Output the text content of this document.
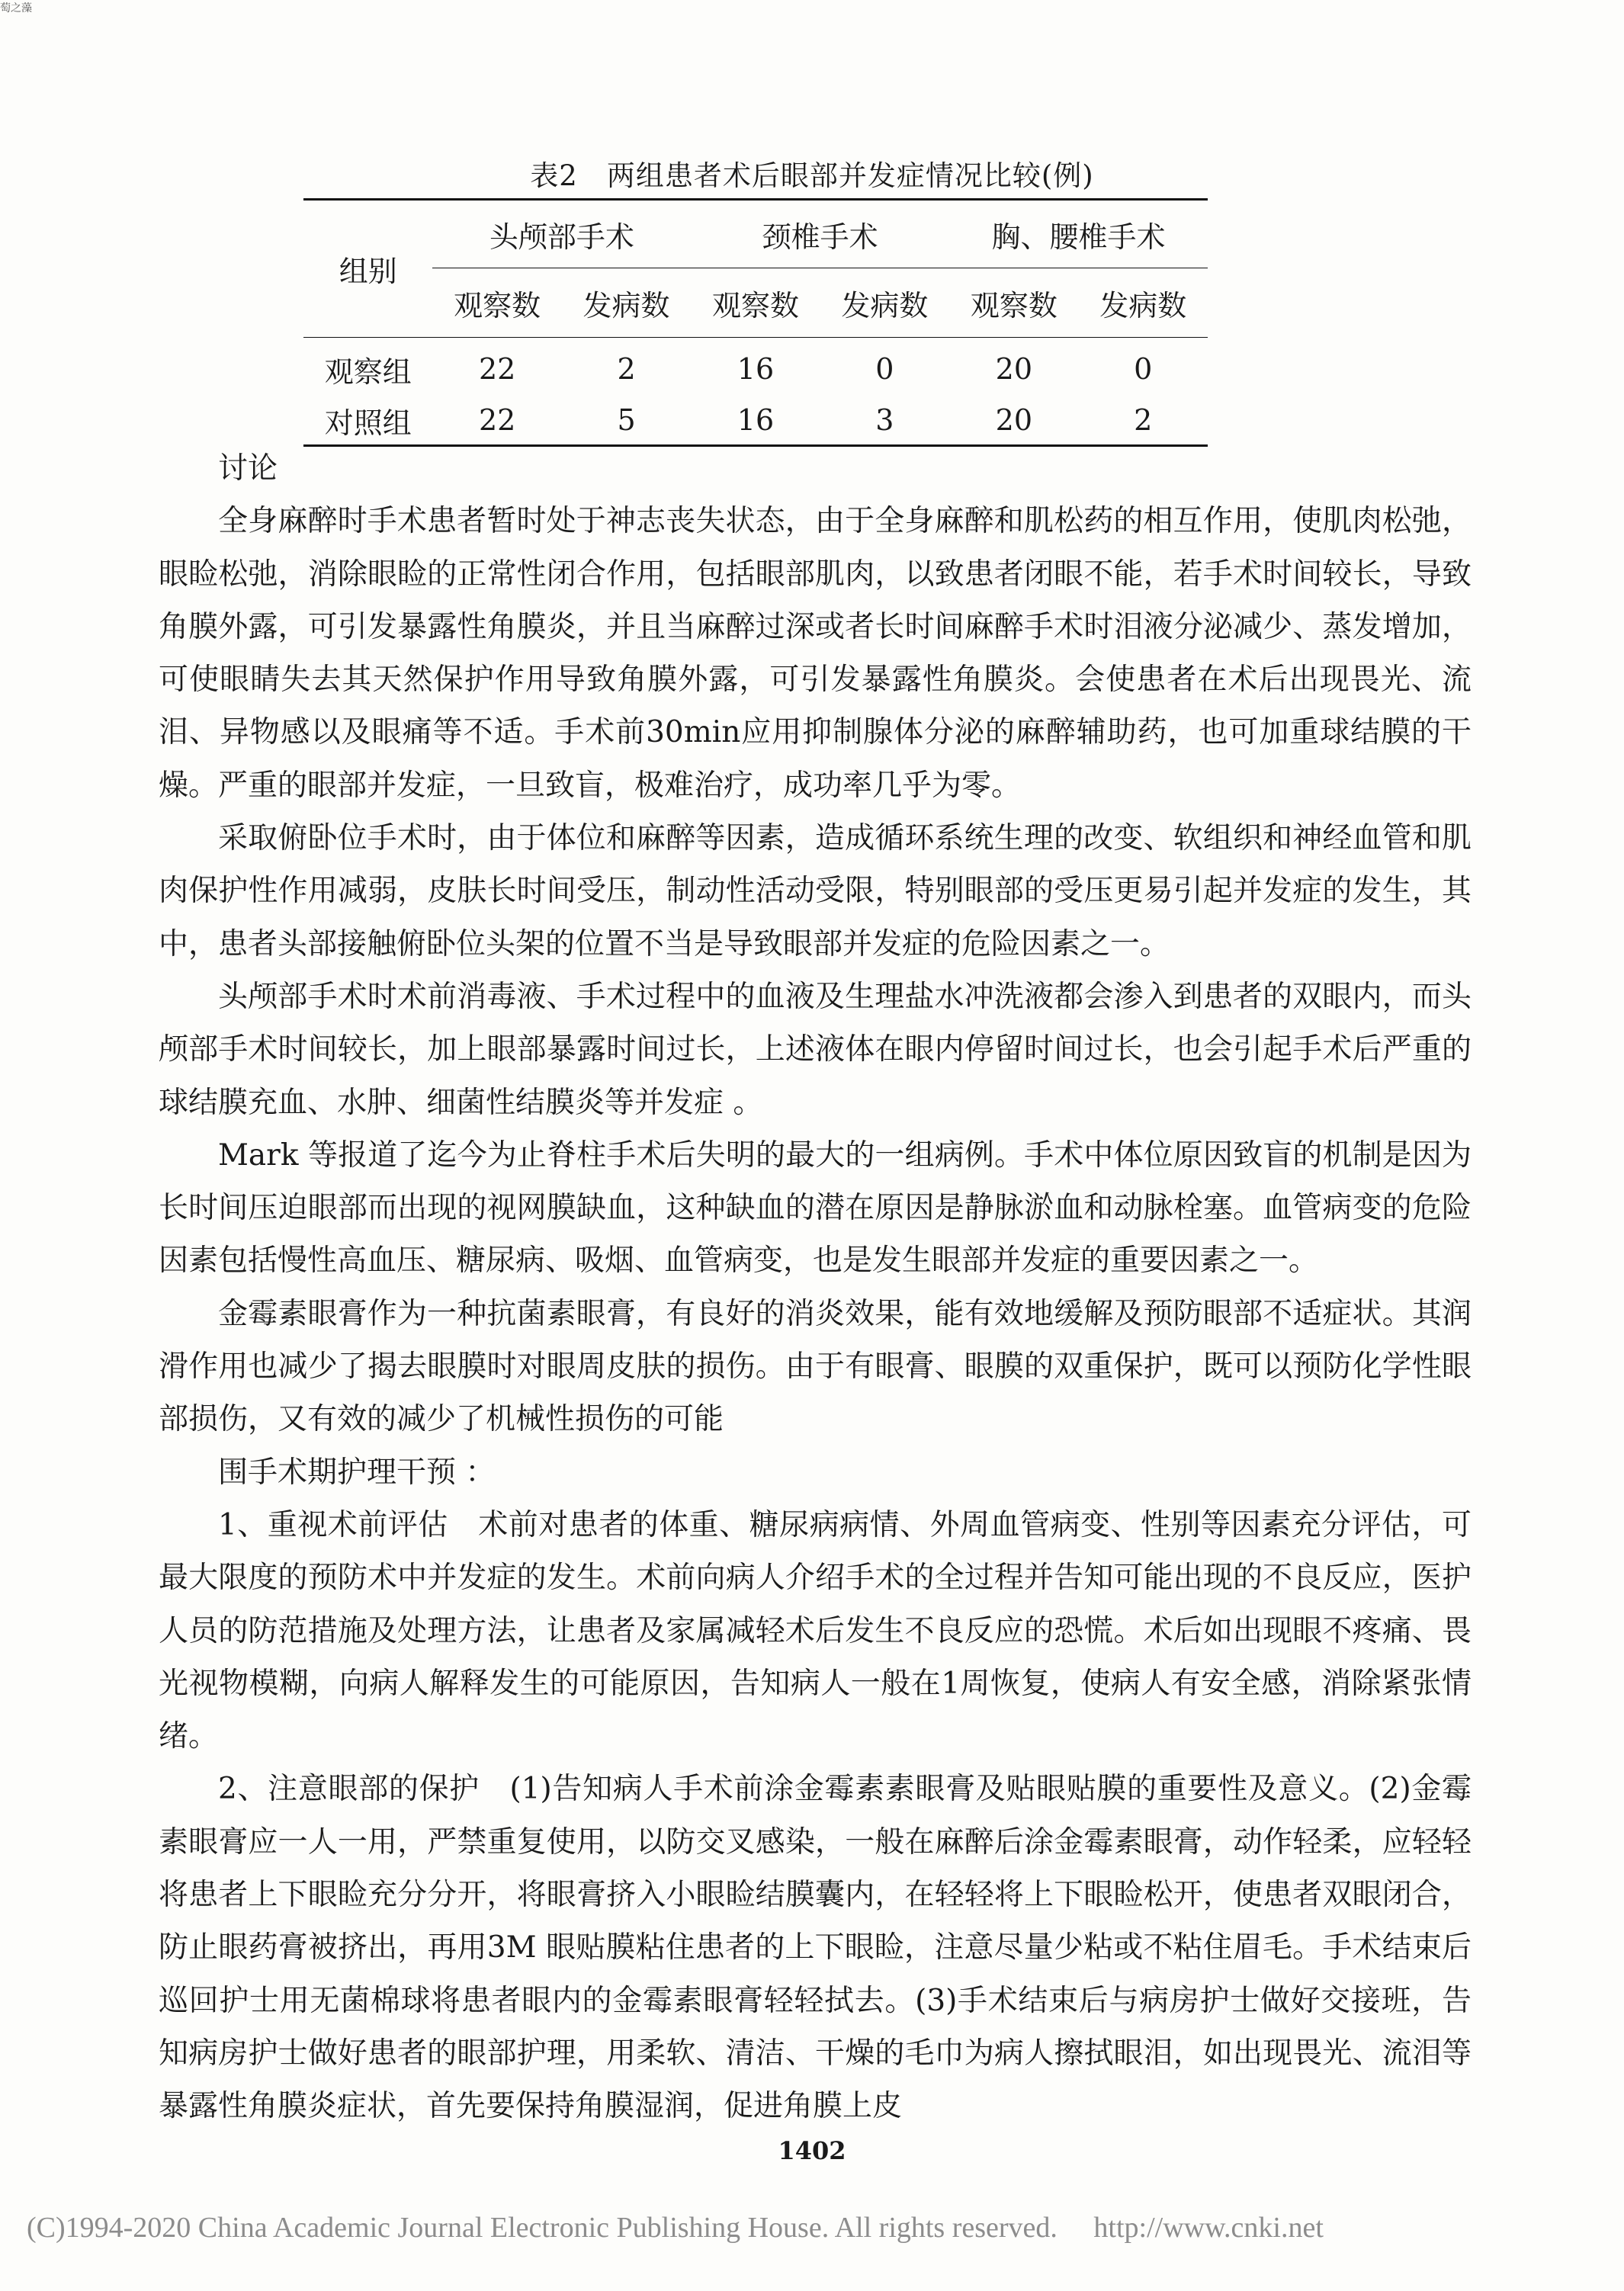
萄之藻
表2　两组患者术后眼部并发症情况比较(例)
组别	头颅部手术		颈椎手术		胸、腰椎手术	
	观察数	发病数	观察数	发病数	观察数	发病数
观察组	22	2	16	0	20	0
对照组	22	5	16	3	20	2

讨论

全身麻醉时手术患者暂时处于神志丧失状态，由于全身麻醉和肌松药的相互作用，使肌肉松弛，眼睑松弛，消除眼睑的正常性闭合作用，包括眼部肌肉，以致患者闭眼不能，若手术时间较长，导致角膜外露，可引发暴露性角膜炎，并且当麻醉过深或者长时间麻醉手术时泪液分泌减少、蒸发增加，可使眼睛失去其天然保护作用导致角膜外露，可引发暴露性角膜炎。会使患者在术后出现畏光、流泪、异物感以及眼痛等不适。手术前30min应用抑制腺体分泌的麻醉辅助药，也可加重球结膜的干燥。严重的眼部并发症，一旦致盲，极难治疗，成功率几乎为零。

采取俯卧位手术时，由于体位和麻醉等因素，造成循环系统生理的改变、软组织和神经血管和肌肉保护性作用减弱，皮肤长时间受压，制动性活动受限，特别眼部的受压更易引起并发症的发生，其中，患者头部接触俯卧位头架的位置不当是导致眼部并发症的危险因素之一。

头颅部手术时术前消毒液、手术过程中的血液及生理盐水冲洗液都会渗入到患者的双眼内，而头颅部手术时间较长，加上眼部暴露时间过长，上述液体在眼内停留时间过长，也会引起手术后严重的球结膜充血、水肿、细菌性结膜炎等并发症 。

Mark 等报道了迄今为止脊柱手术后失明的最大的一组病例。手术中体位原因致盲的机制是因为长时间压迫眼部而出现的视网膜缺血，这种缺血的潜在原因是静脉淤血和动脉栓塞。血管病变的危险因素包括慢性高血压、糖尿病、吸烟、血管病变，也是发生眼部并发症的重要因素之一。

金霉素眼膏作为一种抗菌素眼膏，有良好的消炎效果，能有效地缓解及预防眼部不适症状。其润滑作用也减少了揭去眼膜时对眼周皮肤的损伤。由于有眼膏、眼膜的双重保护，既可以预防化学性眼部损伤，又有效的减少了机械性损伤的可能

围手术期护理干预 ：

1、重视术前评估　术前对患者的体重、糖尿病病情、外周血管病变、性别等因素充分评估，可最大限度的预防术中并发症的发生。术前向病人介绍手术的全过程并告知可能出现的不良反应，医护人员的防范措施及处理方法，让患者及家属减轻术后发生不良反应的恐慌。术后如出现眼不疼痛、畏光视物模糊，向病人解释发生的可能原因，告知病人一般在1周恢复，使病人有安全感，消除紧张情绪。

2、注意眼部的保护　(1)告知病人手术前涂金霉素素眼膏及贴眼贴膜的重要性及意义。(2)金霉素眼膏应一人一用，严禁重复使用，以防交叉感染，一般在麻醉后涂金霉素眼膏，动作轻柔，应轻轻将患者上下眼睑充分分开，将眼膏挤入小眼睑结膜囊内，在轻轻将上下眼睑松开，使患者双眼闭合，防止眼药膏被挤出，再用3M 眼贴膜粘住患者的上下眼睑，注意尽量少粘或不粘住眉毛。手术结束后巡回护士用无菌棉球将患者眼内的金霉素眼膏轻轻拭去。(3)手术结束后与病房护士做好交接班，告知病房护士做好患者的眼部护理，用柔软、清洁、干燥的毛巾为病人擦拭眼泪，如出现畏光、流泪等暴露性角膜炎症状，首先要保持角膜湿润，促进角膜上皮

1402
(C)1994-2020 China Academic Journal Electronic Publishing House. All rights reserved.　 http://www.cnki.net
